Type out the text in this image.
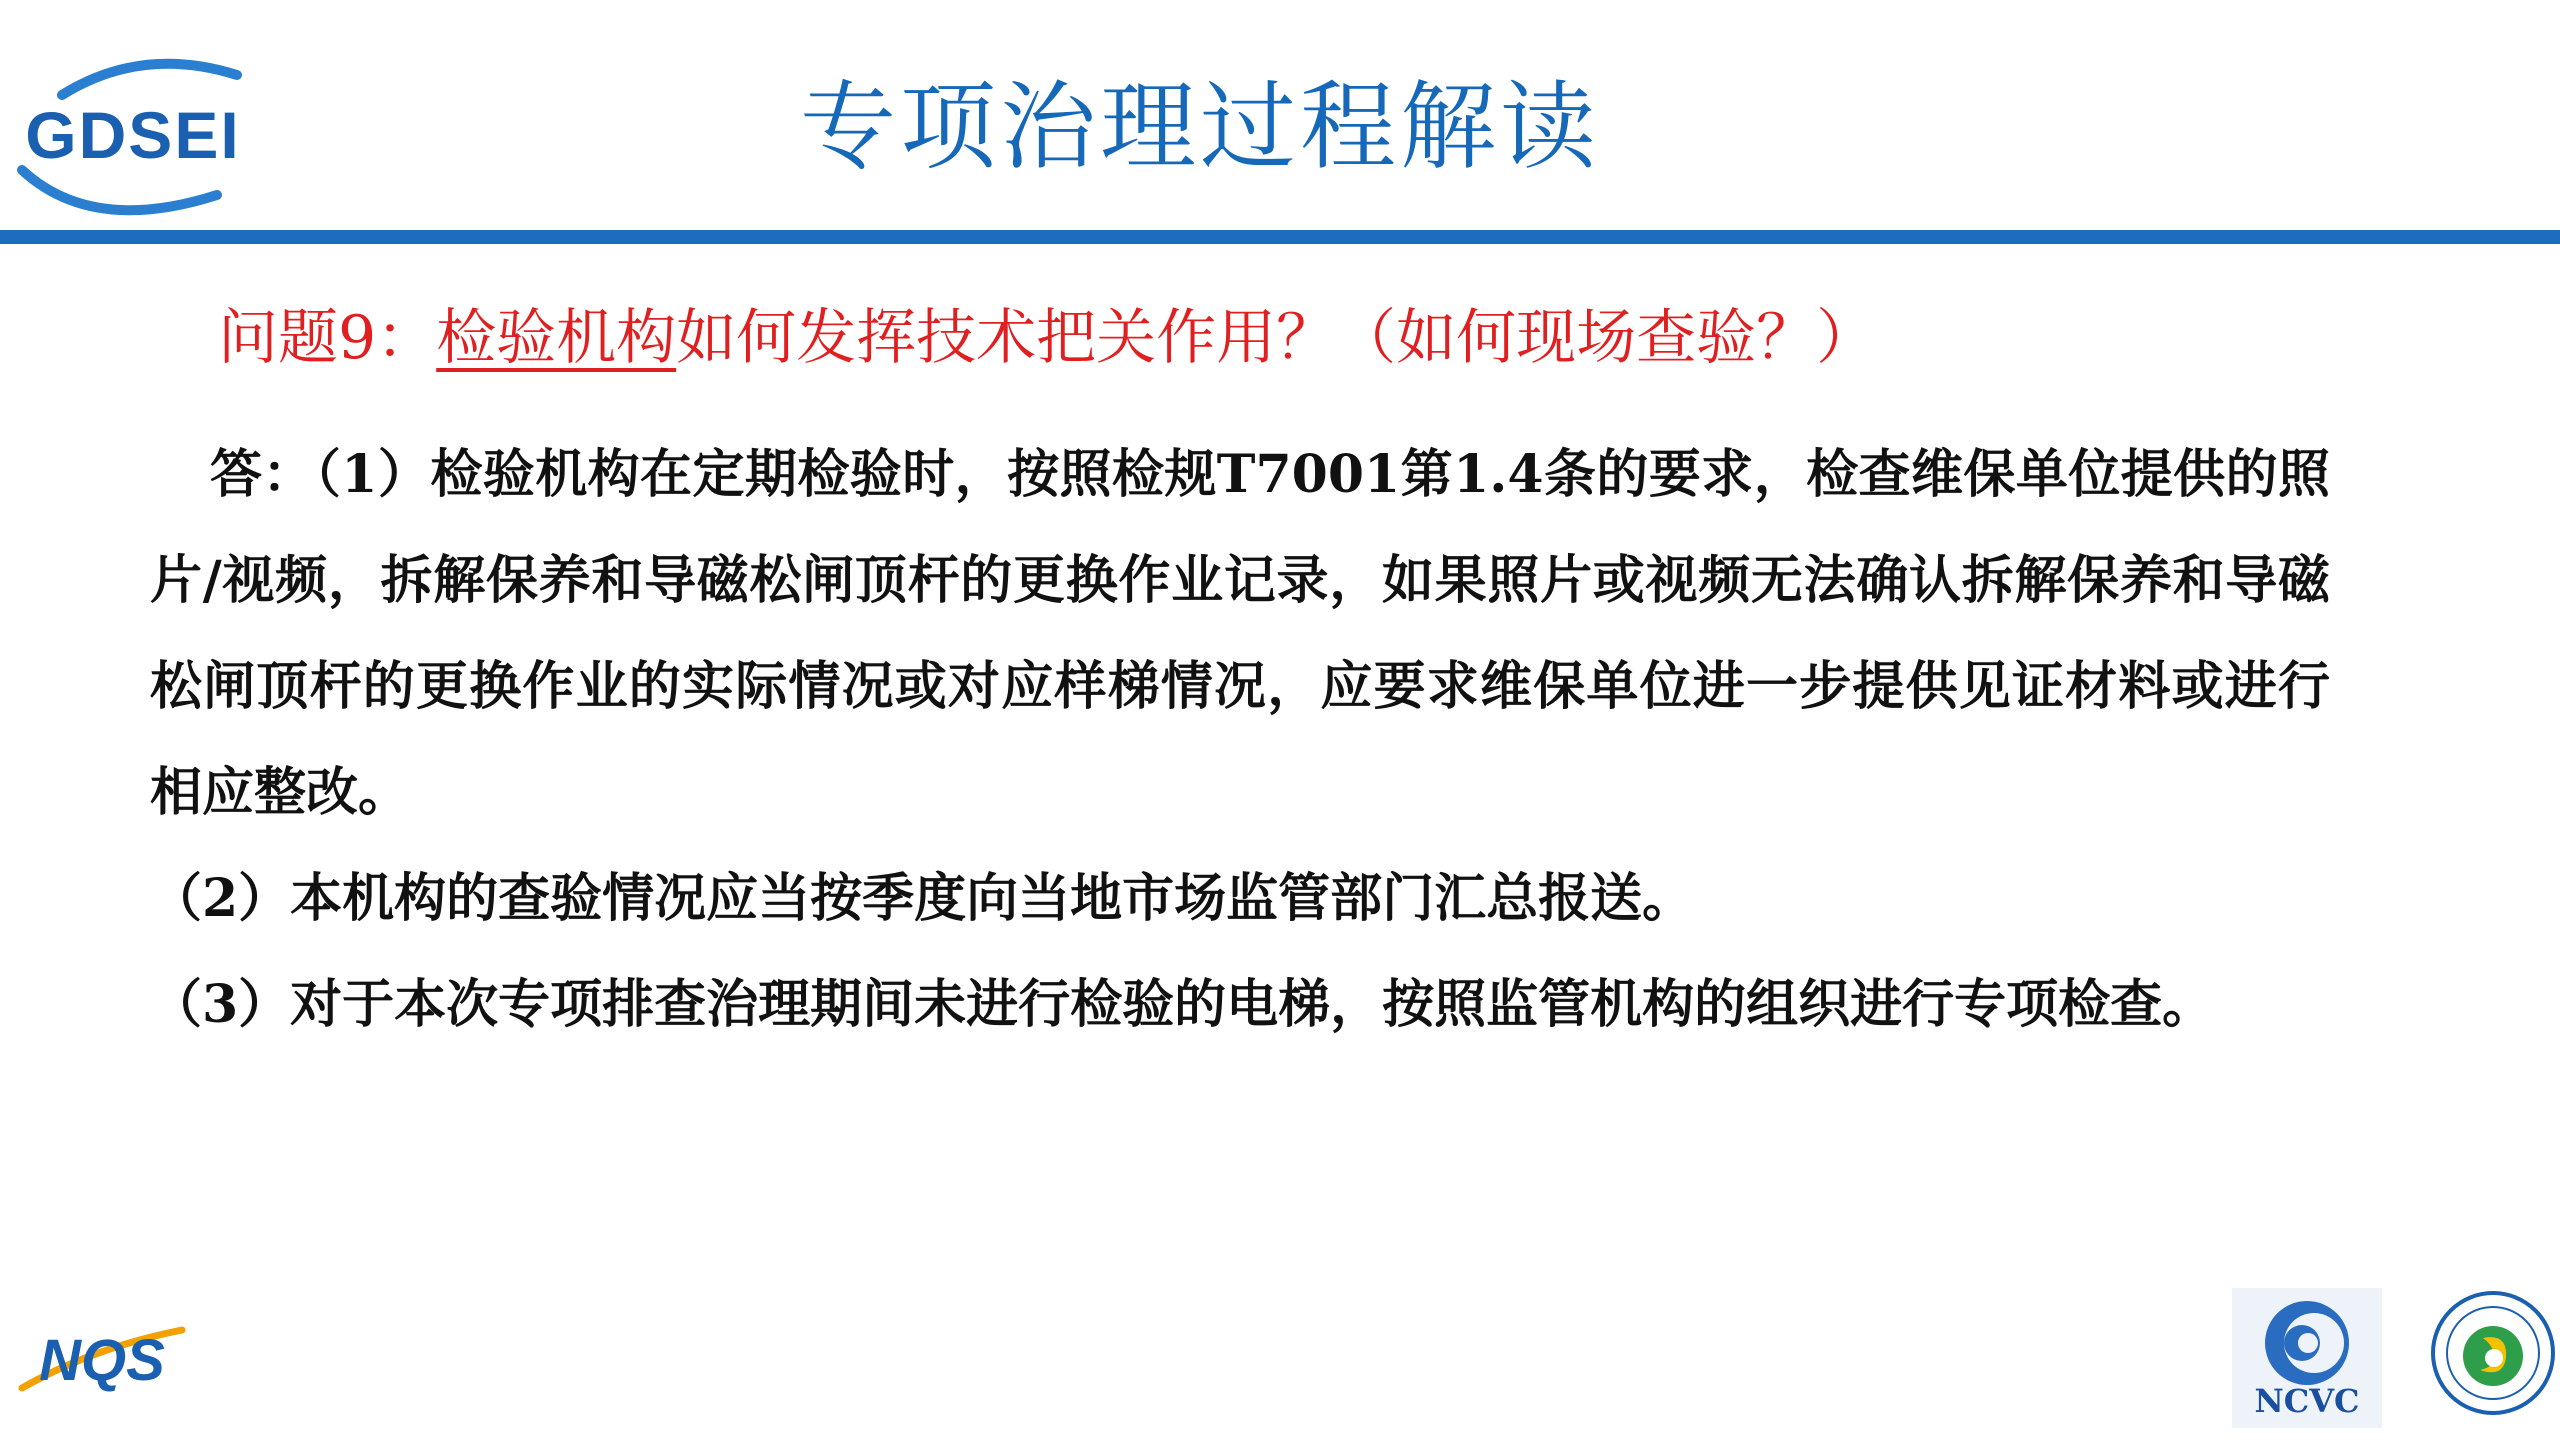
GDSEI	专项治理过程解读
问题9：检验机构如何发挥技术把关作用？（如何现场查验？）

答：（1）检验机构在定期检验时，按照检规T7001第1.4条的要求，检查维保单位提供的照片/视频，拆解保养和导磁松闸顶杆的更换作业记录，如果照片或视频无法确认拆解保养和导磁松闸顶杆的更换作业的实际情况或对应样梯情况，应要求维保单位进一步提供见证材料或进行相应整改。

（2）本机构的查验情况应当按季度向当地市场监管部门汇总报送。

（3）对于本次专项排查治理期间未进行检验的电梯，按照监管机构的组织进行专项检查。

NQS
NCVC
